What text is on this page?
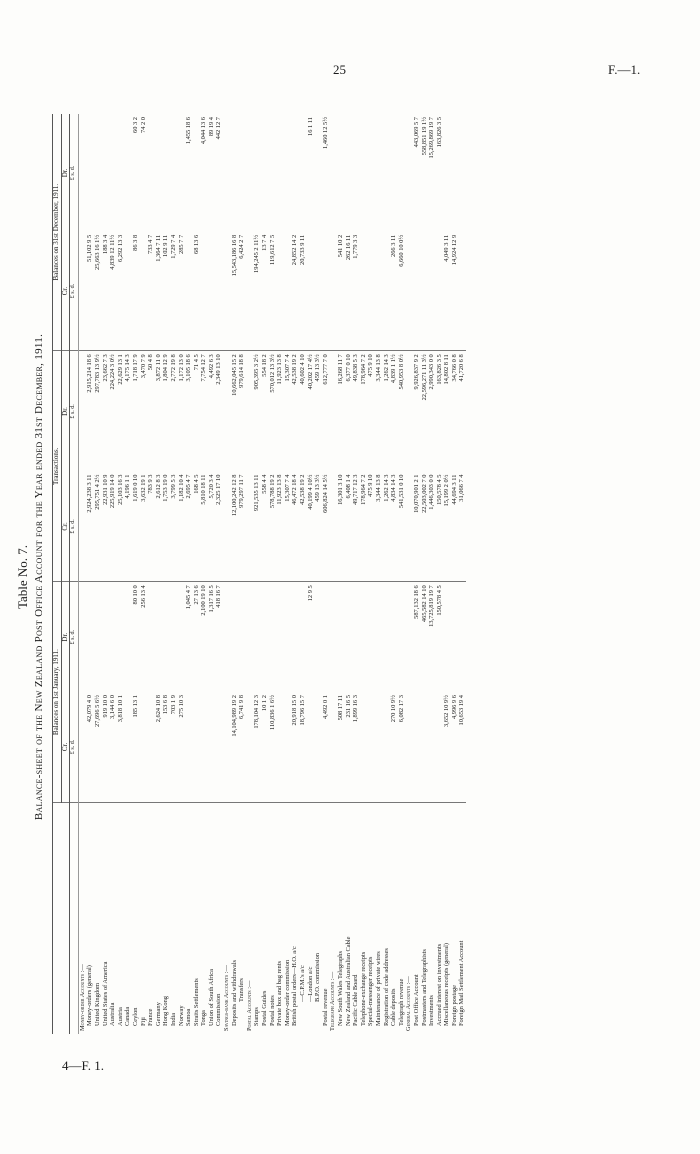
25	F.—1.
4—F. 1.
Table No. 7. Balance-sheet of the New Zealand Post Office Account for the Year ended 31st December, 1911.
	Balances on 1st January, 1911.		Transactions.		Balances on 31st December, 1911.	
	Cr.	Dr.	Cr.	Dr.	Cr.	Dr.
	£ s. d.	£ s. d.	£ s. d.	£ s. d.	£ s. d.	£ s. d.
Money-order Accounts :—						
Money-orders (general)	42,079 4 0		2,924,238 3 11	2,915,214 18 6	51,102 9 5	
United Kingdom	27,696 5 6½		295,751 4 2½	297,783 13 9½	25,663 16 1½	
United States of America	919 10 0		22,931 10 9	23,662 7 3	188 3 4	
Australia	3,144 6 0		225,919 14 0	224,224 3 0½	4,839 12 11½	
Austria	3,818 10 1		25,103 16 3	22,629 13 1	6,292 13 3	
Canada			4,196 1 1	4,175 14 3		
Ceylon	185 13 1	80 10 0	1,619 0 10	1,718 17 9	86 3 8	60 3 2
Fiji		256 13 4	3,632 19 1	3,470 7 9		74 2 0
France			783 9 3	50 4 8	733 4 7	
Germany	2,624 10 8		2,612 8 3	3,872 11 0	1,364 7 11	
Hong Kong	153 6 8		1,753 19 0	1,804 12 9	102 9 11	
India	703 1 9		3,799 5 3	2,772 19 8	1,729 7 4	
Norway	275 10 3		1,182 10 4	1,172 13 0	285 7 7	
Samoa		1,045 4 7	2,695 4 7	3,105 18 6		1,455 18 6
Straits Settlements		27 13 6	168 4 5	71 4 5	68 13 6	
Tonga		2,100 19 10	5,810 18 11	7,754 12 7		4,044 13 6
Union of South Africa		1,317 16 5	5,720 3 4	4,492 6 3		89 19 4
Commission		418 16 7	2,325 17 10	2,349 13 10		442 12 7
Savings-bank Accounts :—						
Deposits and withdrawals	14,104,989 19 2		12,100,242 12 8	10,662,045 15 2	15,543,186 16 8	
Transfers	6,741 9 8		979,297 11 7	979,614 18 8	6,424 2 7	
Postal Accounts :—						
Stamps	178,104 12 3		921,535 13 11	905,395 3 2½	194,245 2 11½	
Postal Guides	10 1 2		558 4 4	554 18 2	13 7 4	
Postal notes	110,836 1 6½		578,788 19 2	570,012 13 3½	119,612 7 5	
Private box and bag rents			11,923 13 8	11,923 13 8		
Money-order commission			15,307 7 4	15,307 7 4		
British postal orders—H.O. a/c	20,918 15 0		46,472 18 4	42,538 19 2	24,852 14 2	
—C.P.M.'s a/c	18,796 15 7		42,538 19 2	40,602 4 10	20,733 9 11	
—London a/c		12 9 5	40,199 4 10½	40,202 17 4½		16 1 11
B.P.O. commission			459 13 3½	459 13 3½		
Postal revenue	4,492 0 1		606,824 14 5½	612,777 7 0		1,460 12 5½
Telegraph Accounts :—						
New South Wales Telegraphs	508 17 11		16,301 3 10	16,268 11 7	541 10 2	
New Zealand and Australian Cable	231 16 5		6,408 1 4	6,377 0 10	262 16 11	
Pacific Cable Board	1,899 16 3		49,717 12 3	49,838 5 3	1,779 3 3	
Telephone-exchange receipts			178,964 7 2	178,964 7 2		
Special-messenger receipts			475 9 10	475 9 10		
Maintenance of private wires			3,344 13 8	3,344 13 8		
Registration of code addresses			1,262 14 3	1,262 14 3		
Cable deposits	270 10 9½		4,834 14 3	4,839 1 1½	266 3 11	
Telegraph revenue	6,082 17 3		541,531 0 10	540,953 8 0½	6,660 10 0½	
General Accounts :—						
Post Office Account		587,132 18 6	10,070,901 2 1	9,926,837 9 2		443,069 5 7
Postmasters and Telegraphists		465,582 14 10	22,503,002 7 0	22,596,271 11 3½		558,851 19 1½
Investments		13,725,819 19 7	1,446,303 0 0	2,990,343 0 0		15,269,869 19 7
Accrued interest on investments		150,578 4 5	150,578 4 5	163,826 3 5		163,826 3 5
Miscellaneous receipts (general)	3,652 10 9½		15,199 2 0½	14,802 8 11	4,049 3 11	
Foreign postage	4,996 9 6		44,694 3 11	34,766 0 8	14,924 12 9	
Foreign Mail Settlement Account	10,653 19 4		31,066 7 4	41,720 6 8		
